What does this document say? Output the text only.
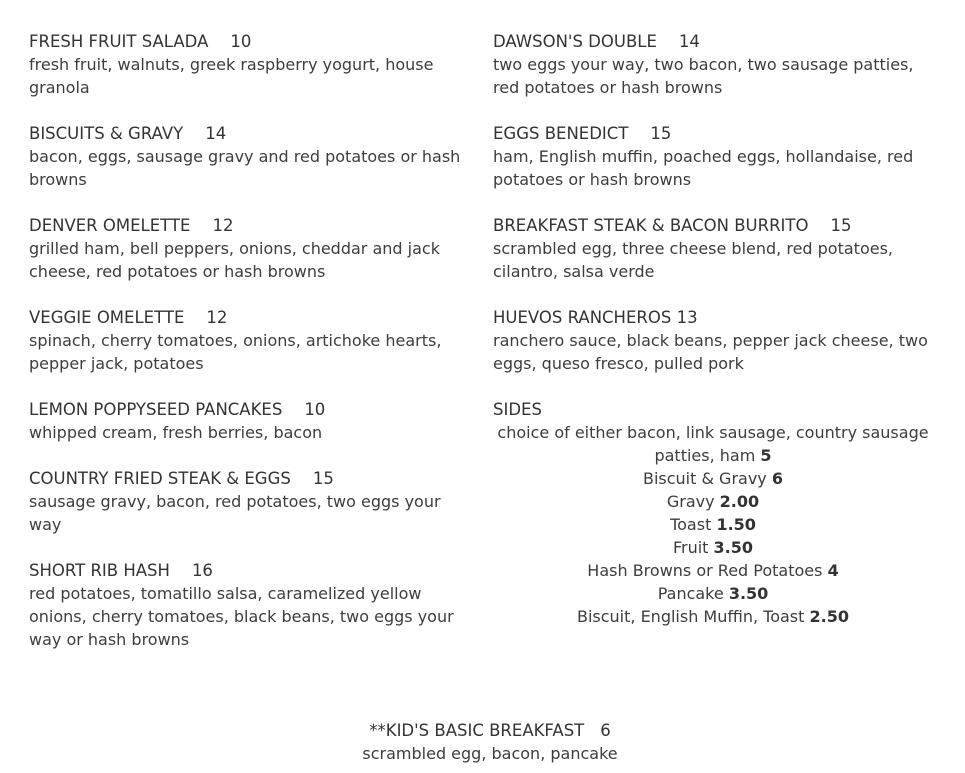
FRESH FRUIT SALADA 10
fresh fruit, walnuts, greek raspberry yogurt, house granola
BISCUITS & GRAVY 14
bacon, eggs, sausage gravy and red potatoes or hash browns
DENVER OMELETTE 12
grilled ham, bell peppers, onions, cheddar and jack cheese, red potatoes or hash browns
VEGGIE OMELETTE 12
spinach, cherry tomatoes, onions, artichoke hearts, pepper jack, potatoes
LEMON POPPYSEED PANCAKES 10
whipped cream, fresh berries, bacon
COUNTRY FRIED STEAK & EGGS 15
sausage gravy, bacon, red potatoes, two eggs your way
SHORT RIB HASH 16
red potatoes, tomatillo salsa, caramelized yellow onions, cherry tomatoes, black beans, two eggs your way or hash browns
DAWSON'S DOUBLE 14
two eggs your way, two bacon, two sausage patties, red potatoes or hash browns
EGGS BENEDICT 15
ham, English muffin, poached eggs, hollandaise, red potatoes or hash browns
BREAKFAST STEAK & BACON BURRITO 15
scrambled egg, three cheese blend, red potatoes, cilantro, salsa verde
HUEVOS RANCHEROS 13
ranchero sauce, black beans, pepper jack cheese, two eggs, queso fresco, pulled pork
SIDES
choice of either bacon, link sausage, country sausage patties, ham 5
Biscuit & Gravy 6
Gravy 2.00
Toast 1.50
Fruit 3.50
Hash Browns or Red Potatoes 4
Pancake 3.50
Biscuit, English Muffin, Toast 2.50
**KID'S BASIC BREAKFAST 6
scrambled egg, bacon, pancake
